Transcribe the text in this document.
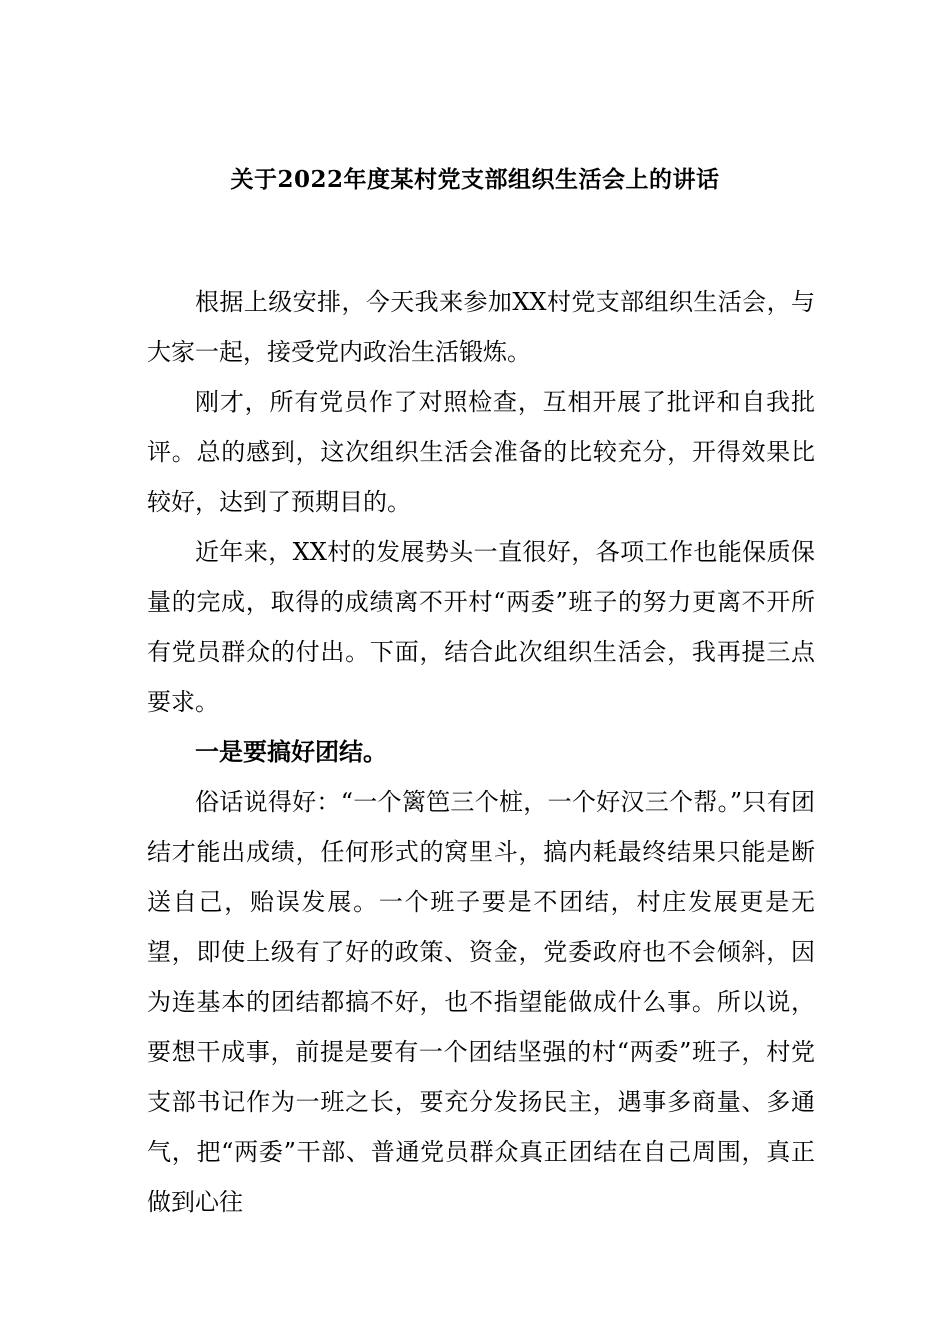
关于2022年度某村党支部组织生活会上的讲话

根据上级安排，今天我来参加XX村党支部组织生活会，与大家一起，接受党内政治生活锻炼。

刚才，所有党员作了对照检查，互相开展了批评和自我批评。总的感到，这次组织生活会准备的比较充分，开得效果比较好，达到了预期目的。

近年来，XX村的发展势头一直很好，各项工作也能保质保量的完成，取得的成绩离不开村“两委”班子的努力更离不开所有党员群众的付出。下面，结合此次组织生活会，我再提三点要求。

一是要搞好团结。

俗话说得好：“一个篱笆三个桩，一个好汉三个帮。”只有团结才能出成绩，任何形式的窝里斗，搞内耗最终结果只能是断送自己，贻误发展。一个班子要是不团结，村庄发展更是无望，即使上级有了好的政策、资金，党委政府也不会倾斜，因为连基本的团结都搞不好，也不指望能做成什么事。所以说，要想干成事，前提是要有一个团结坚强的村“两委”班子，村党支部书记作为一班之长，要充分发扬民主，遇事多商量、多通气，把“两委”干部、普通党员群众真正团结在自己周围，真正做到心往
